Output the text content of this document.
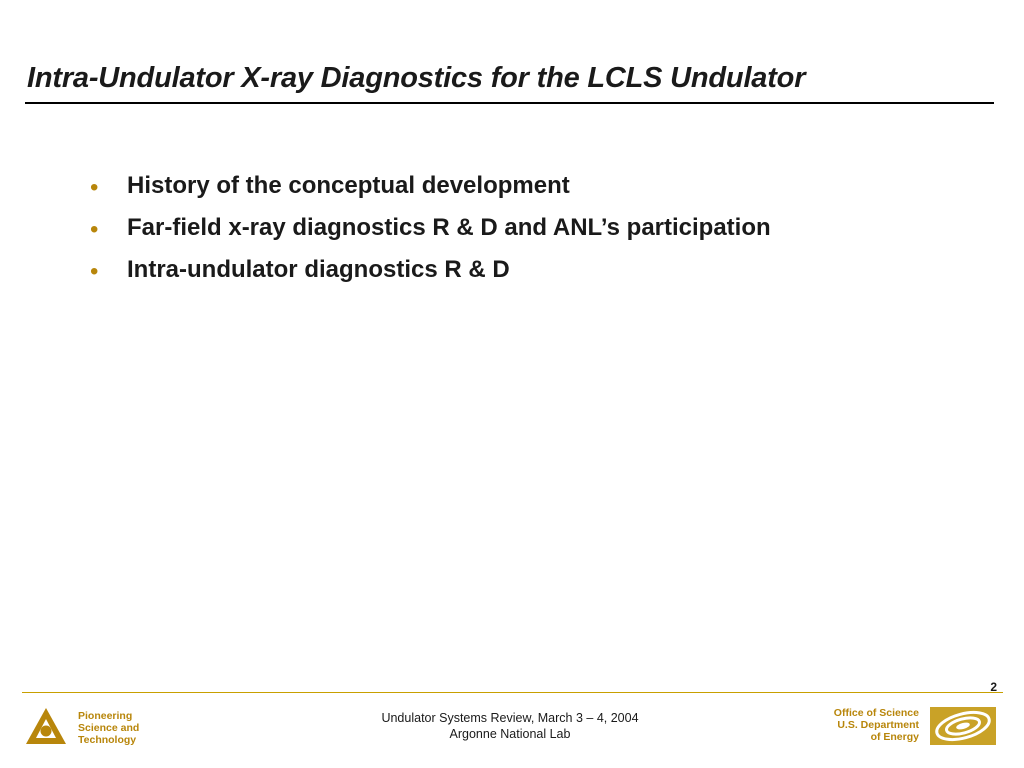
Intra-Undulator X-ray Diagnostics for the LCLS Undulator
• History of the conceptual development
• Far-field x-ray diagnostics R & D and ANL’s participation
• Intra-undulator diagnostics R & D
2
Pioneering
Science and
Technology
Undulator Systems Review, March 3 – 4, 2004
Argonne National Lab
Office of Science
U.S. Department
of Energy
